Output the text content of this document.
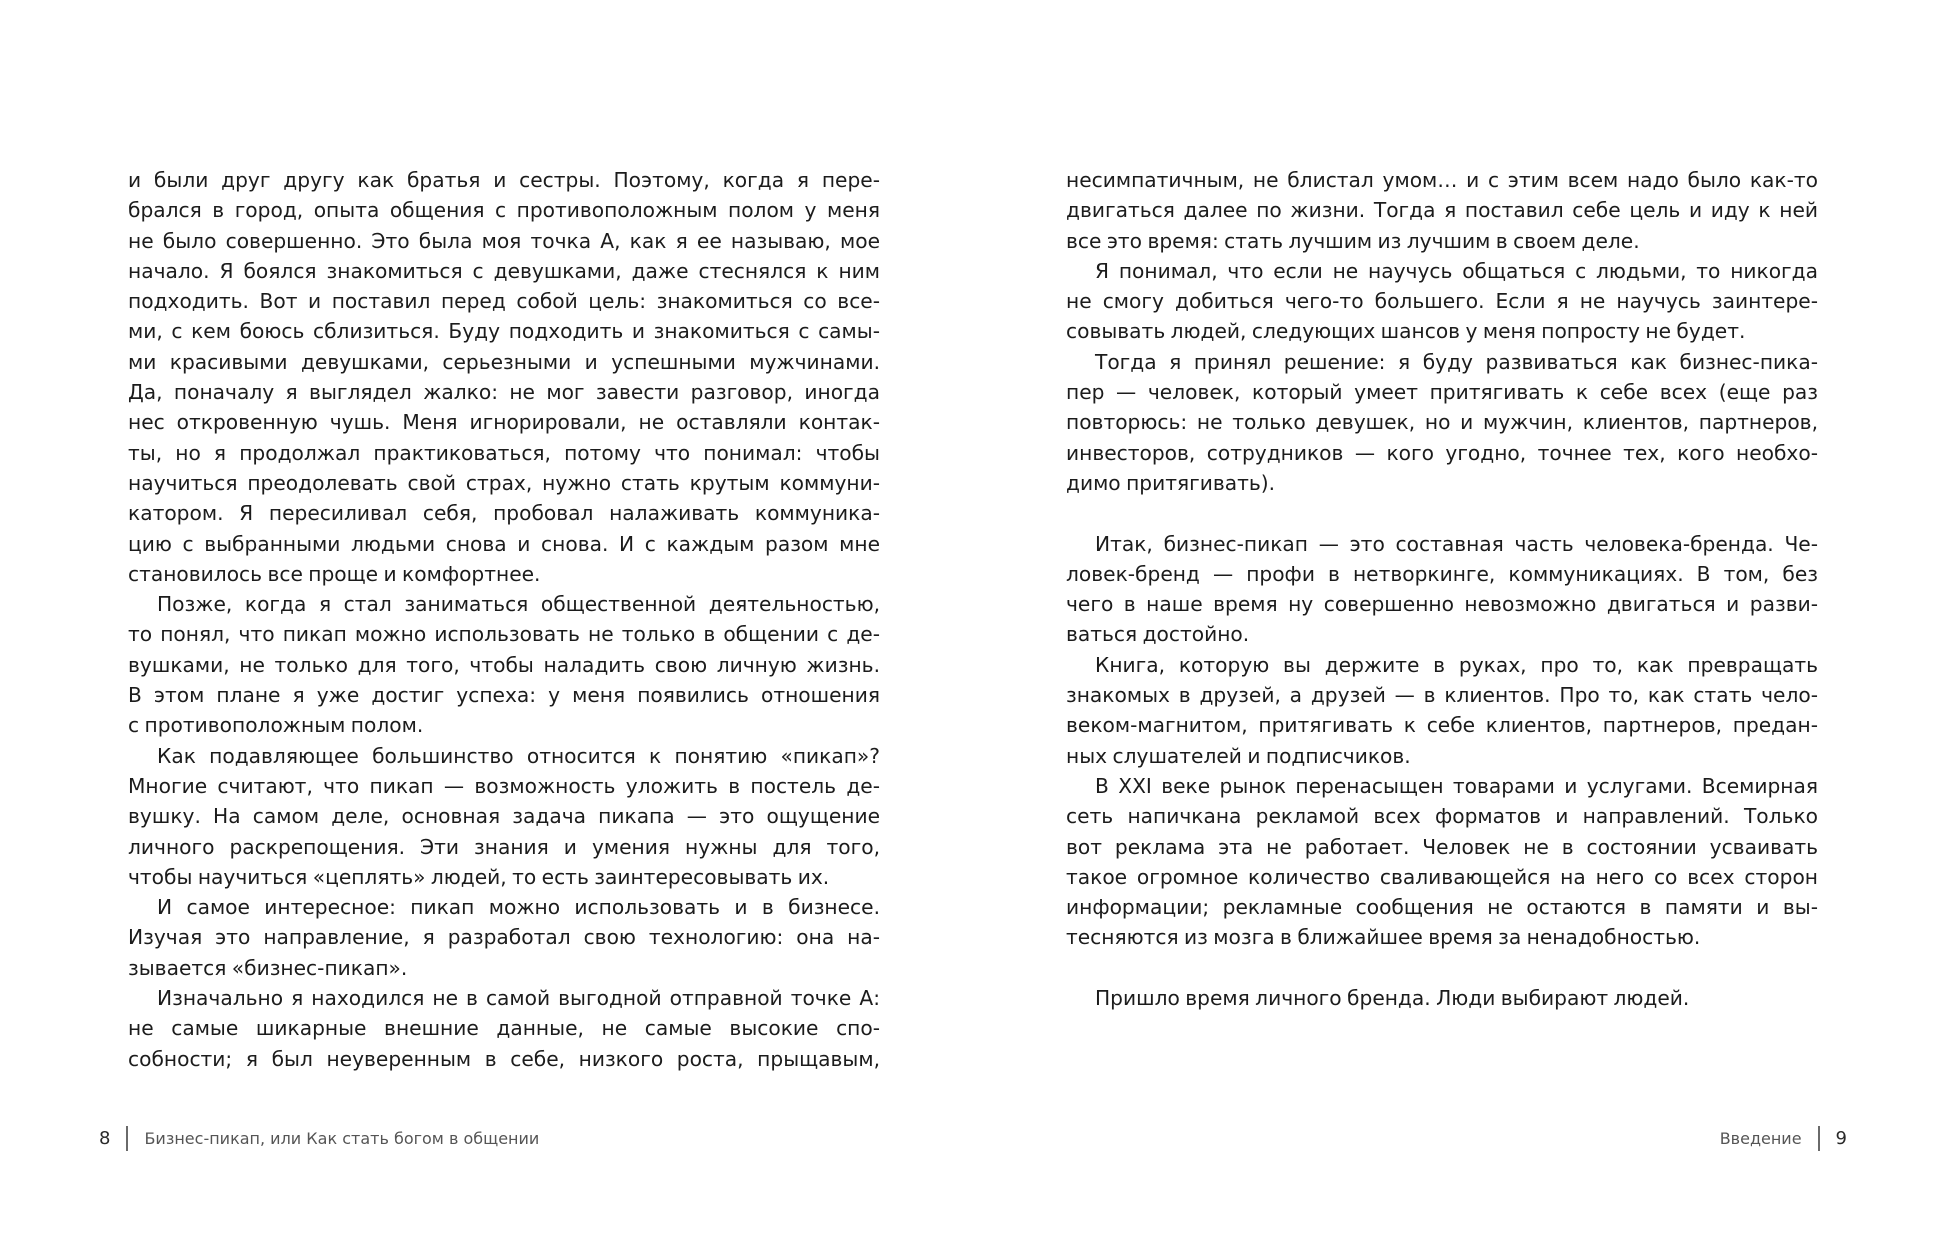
и были друг другу как братья и сестры. Поэтому, когда я пере-
брался в город, опыта общения с противоположным полом у меня
не было совершенно. Это была моя точка А, как я ее называю, мое
начало. Я боялся знакомиться с девушками, даже стеснялся к ним
подходить. Вот и поставил перед собой цель: знакомиться со все-
ми, с кем боюсь сблизиться. Буду подходить и знакомиться с самы-
ми красивыми девушками, серьезными и успешными мужчинами.
Да, поначалу я выглядел жалко: не мог завести разговор, иногда
нес откровенную чушь. Меня игнорировали, не оставляли контак-
ты, но я продолжал практиковаться, потому что понимал: чтобы
научиться преодолевать свой страх, нужно стать крутым коммуни-
катором. Я пересиливал себя, пробовал налаживать коммуника-
цию с выбранными людьми снова и снова. И с каждым разом мне
становилось все проще и комфортнее.
Позже, когда я стал заниматься общественной деятельностью,
то понял, что пикап можно использовать не только в общении с де-
вушками, не только для того, чтобы наладить свою личную жизнь.
В этом плане я уже достиг успеха: у меня появились отношения
с противоположным полом.
Как подавляющее большинство относится к понятию «пикап»?
Многие считают, что пикап — возможность уложить в постель де-
вушку. На самом деле, основная задача пикапа — это ощущение
личного раскрепощения. Эти знания и умения нужны для того,
чтобы научиться «цеплять» людей, то есть заинтересовывать их.
И самое интересное: пикап можно использовать и в бизнесе.
Изучая это направление, я разработал свою технологию: она на-
зывается «бизнес-пикап».
Изначально я находился не в самой выгодной отправной точке А:
не самые шикарные внешние данные, не самые высокие спо-
собности; я был неуверенным в себе, низкого роста, прыщавым,
8 Бизнес-пикап, или Как стать богом в общении
несимпатичным, не блистал умом… и с этим всем надо было как-то
двигаться далее по жизни. Тогда я поставил себе цель и иду к ней
все это время: стать лучшим из лучшим в своем деле.
Я понимал, что если не научусь общаться с людьми, то никогда
не смогу добиться чего-то большего. Если я не научусь заинтере-
совывать людей, следующих шансов у меня попросту не будет.
Тогда я принял решение: я буду развиваться как бизнес-пика-
пер — человек, который умеет притягивать к себе всех (еще раз
повторюсь: не только девушек, но и мужчин, клиентов, партнеров,
инвесторов, сотрудников — кого угодно, точнее тех, кого необхо-
димо притягивать).
Итак, бизнес-пикап — это составная часть человека-бренда. Че-
ловек-бренд — профи в нетворкинге, коммуникациях. В том, без
чего в наше время ну совершенно невозможно двигаться и разви-
ваться достойно.
Книга, которую вы держите в руках, про то, как превращать
знакомых в друзей, а друзей — в клиентов. Про то, как стать чело-
веком-магнитом, притягивать к себе клиентов, партнеров, предан-
ных слушателей и подписчиков.
В XXI веке рынок перенасыщен товарами и услугами. Всемирная
сеть напичкана рекламой всех форматов и направлений. Только
вот реклама эта не работает. Человек не в состоянии усваивать
такое огромное количество сваливающейся на него со всех сторон
информации; рекламные сообщения не остаются в памяти и вы-
тесняются из мозга в ближайшее время за ненадобностью.
Пришло время личного бренда. Люди выбирают людей.
Введение 9
